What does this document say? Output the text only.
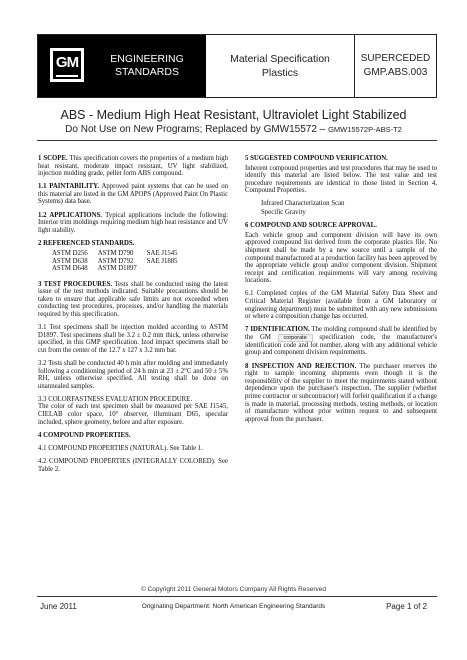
GM	ENGINEERING
STANDARDS
Material Specification
Plastics
SUPERCEDED
GMP.ABS.003
ABS - Medium High Heat Resistant, Ultraviolet Light Stabilized
Do Not Use on New Programs; Replaced by GMW15572 – GMW15572P-ABS-T2

1 SCOPE. This specification covers the properties of a medium high heat resistant, moderate impact resistant, UV light stabilized, injection molding grade, pellet form ABS compound.

1.1 PAINTABILITY. Approved paint systems that can be used on this material are listed in the GM APOPS (Approved Paint On Plastic Systems) data base.

1.2 APPLICATIONS. Typical applications include the following: Interior trim moldings requiring medium high heat resistance and UV light stability.

2 REFERENCED STANDARDS.

ASTM D256	ASTM D790	SAE J1545
ASTM D638	ASTM D792	SAE J1885
ASTM D648	ASTM D1897	

3 TEST PROCEDURES. Tests shall be conducted using the latest issue of the test methods indicated. Suitable precautions should be taken to ensure that applicable safe limits are not exceeded when conducting test procedures, processes, and/or handling the materials required by this specification.

3.1 Test specimens shall be injection molded according to ASTM D1897. Test specimens shall be 3.2 ± 0.2 mm thick, unless otherwise specified, in this GMP specification. Izod impact specimens shall be cut from the center of the 12.7 x 127 x 3.2 mm bar.

3.2 Tests shall be conducted 40 h min after molding and immediately following a conditioning period of 24 h min at 23 ± 2°C and 50 ± 5% RH, unless otherwise specified. All testing shall be done on unannealed samples.

3.3 COLORFASTNESS EVALUATION PROCEDURE.
The color of each test specimen shall be measured per SAE J1545, CIELAB color space, 10° observer, illuminant D65, specular included, sphere geometry, before and after exposure.

4 COMPOUND PROPERTIES.

4.1 COMPOUND PROPERTIES (NATURAL). See Table 1.

4.2 COMPOUND PROPERTIES (INTEGRALLY COLORED). See Table 2.

5 SUGGESTED COMPOUND VERIFICATION.

Inherent compound properties and test procedures that may be used to identify this material are listed below. The test value and test procedure requirements are identical to those listed in Section 4, Compound Properties.

Infrared Characterization Scan

Specific Gravity

6 COMPOUND AND SOURCE APPROVAL.

Each vehicle group and component division will have its own approved compound list derived from the corporate plastics file. No shipment shall be made by a new source until a sample of the compound manufactured at a production facility has been approved by the appropriate vehicle group and/or component division. Shipment receipt and certification requirements will vary among receiving locations.

6.1 Completed copies of the GM Material Safety Data Sheet and Critical Material Register (available from a GM laboratory or engineering department) must be submitted with any new submissions or where a composition change has occurred.

7 IDENTIFICATION. The molding compound shall be identified by the GM corporate specification code, the manufacturer's identification code and lot number, along with any additional vehicle group and component division requirements.

8 INSPECTION AND REJECTION. The purchaser reserves the right to sample incoming shipments even though it is the responsibility of the supplier to meet the requirements stated without dependence upon the purchaser's inspection. The supplier (whether prime contractor or subcontractor) will forfeit qualification if a change is made in material, processing methods, testing methods, or location of manufacture without prior written request to and subsequent approval from the purchaser.

© Copyright 2011 General Motors Company All Rights Reserved
June 2011	Originating Department: North American Engineering Standards	Page 1 of 2
